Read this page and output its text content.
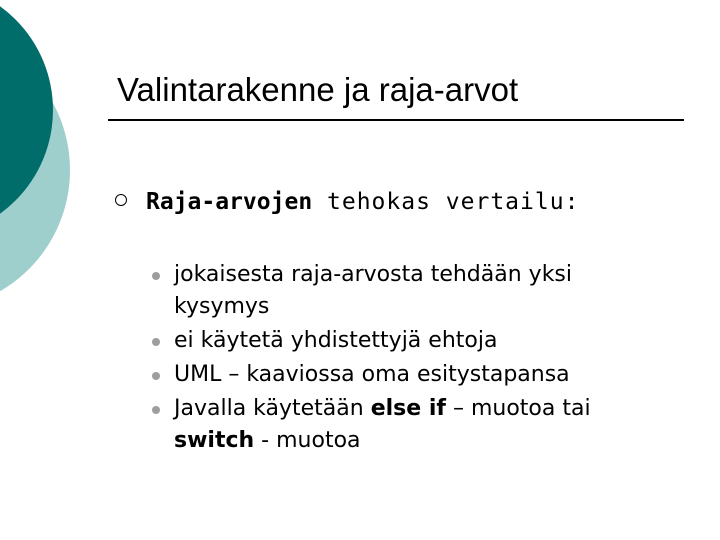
Valintarakenne ja raja-arvot
Raja-arvojen tehokas vertailu:
jokaisesta raja-arvosta tehdään yksi kysymys
ei käytetä yhdistettyjä ehtoja
UML – kaaviossa oma esitystapansa
Javalla käytetään else if – muotoa tai switch - muotoa
